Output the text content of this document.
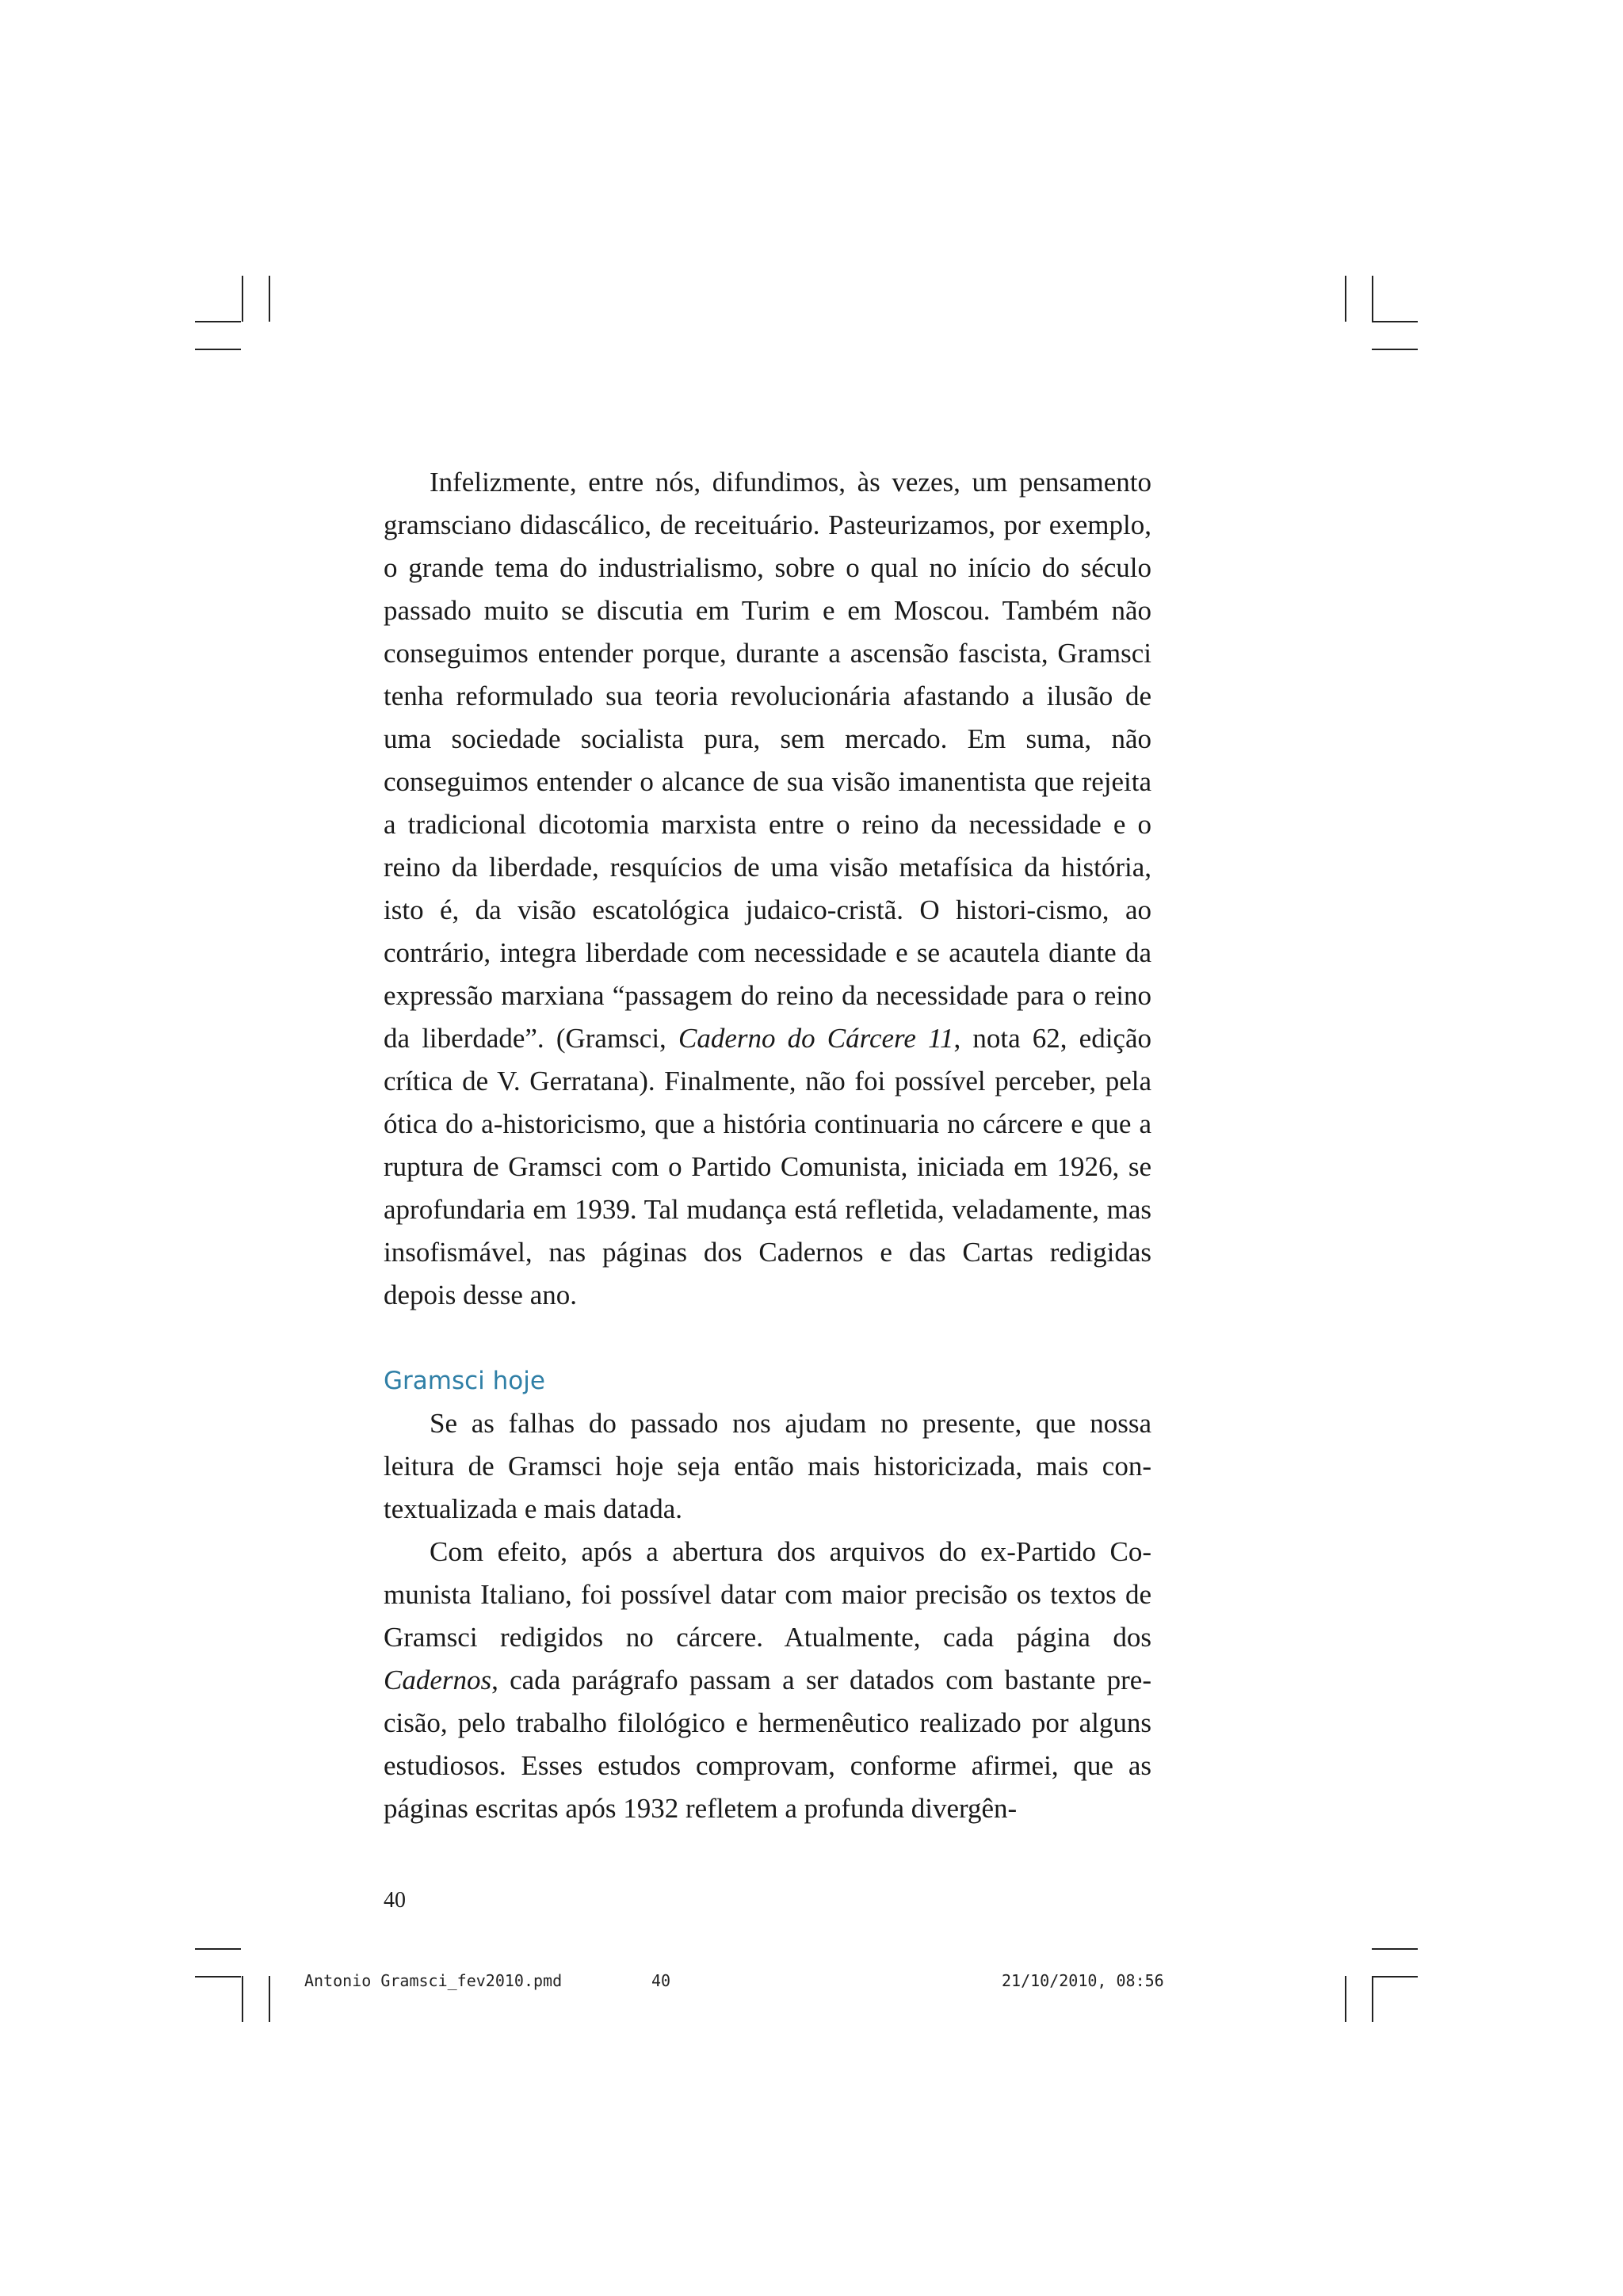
Infelizmente, entre nós, difundimos, às vezes, um pensamento gramsciano didascálico, de receituário. Pasteurizamos, por exemplo, o grande tema do industrialismo, sobre o qual no início do século passado muito se discutia em Turim e em Moscou. Também não conseguimos entender porque, durante a ascensão fascista, Gramsci tenha reformulado sua teoria revolucionária afastando a ilusão de uma sociedade socialista pura, sem mercado. Em suma, não conseguimos entender o alcance de sua visão imanentista que rejeita a tradicional dicotomia marxista entre o reino da necessidade e o reino da liberdade, resquícios de uma visão metafísica da história, isto é, da visão escatológica judaico-cristã. O histori-cismo, ao contrário, integra liberdade com necessidade e se acautela diante da expressão marxiana “passagem do reino da necessidade para o reino da liberdade”. (Gramsci, Caderno do Cárcere 11, nota 62, edição crítica de V. Gerratana). Finalmente, não foi possível perceber, pela ótica do a-historicismo, que a história continuaria no cárcere e que a ruptura de Gramsci com o Partido Comunista, iniciada em 1926, se aprofundaria em 1939. Tal mudança está refletida, veladamente, mas insofismável, nas páginas dos Cadernos e das Cartas redigidas depois desse ano.

Gramsci hoje

Se as falhas do passado nos ajudam no presente, que nossa leitura de Gramsci hoje seja então mais historicizada, mais contextualizada e mais datada.

Com efeito, após a abertura dos arquivos do ex-Partido Comunista Italiano, foi possível datar com maior precisão os textos de Gramsci redigidos no cárcere. Atualmente, cada página dos Cadernos, cada parágrafo passam a ser datados com bastante precisão, pelo trabalho filológico e hermenêutico realizado por alguns estudiosos. Esses estudos comprovam, conforme afirmei, que as páginas escritas após 1932 refletem a profunda divergên-

40
Antonio Gramsci_fev2010.pmd	40	21/10/2010, 08:56
